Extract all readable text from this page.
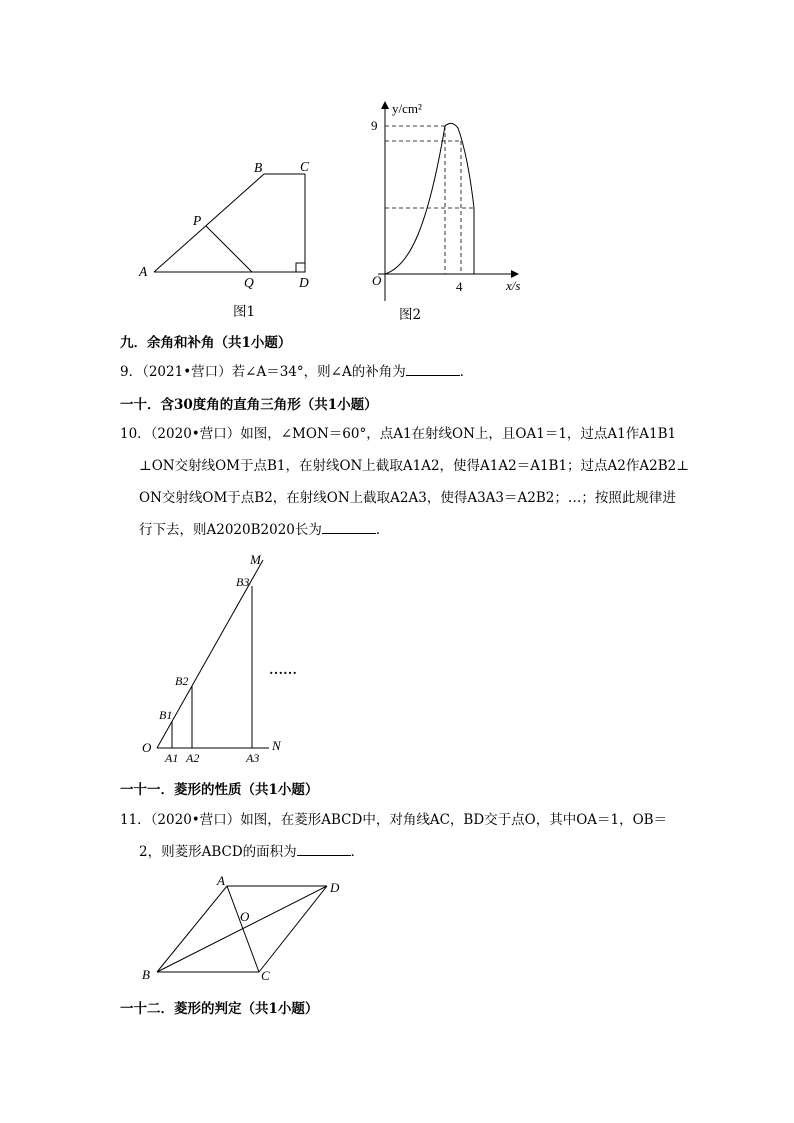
A
B	C
D
P
Q
图1
y/cm²
9
4	x/s
O
图2
九．余角和补角（共1小题）
9．（2021•营口）若∠A＝34°，则∠A的补角为	．
一十．含30度角的直角三角形（共1小题）
10．（2020•营口）如图，∠MON＝60°，点A1在射线ON上，且OA1＝1，过点A1作A1B1
⊥ON交射线OM于点B1，在射线ON上截取A1A2，使得A1A2＝A1B1；过点A2作A2B2⊥
ON交射线OM于点B2，在射线ON上截取A2A3，使得A3A3＝A2B2；…；按照此规律进
行下去，则A2020B2020长为	．
M
B3
B2
B1
O
A1 A2	A3
N
……
一十一．菱形的性质（共1小题）
11．（2020•营口）如图，在菱形ABCD中，对角线AC，BD交于点O，其中OA＝1，OB＝
2，则菱形ABCD的面积为	．
A	D
O
B	C
一十二．菱形的判定（共1小题）
